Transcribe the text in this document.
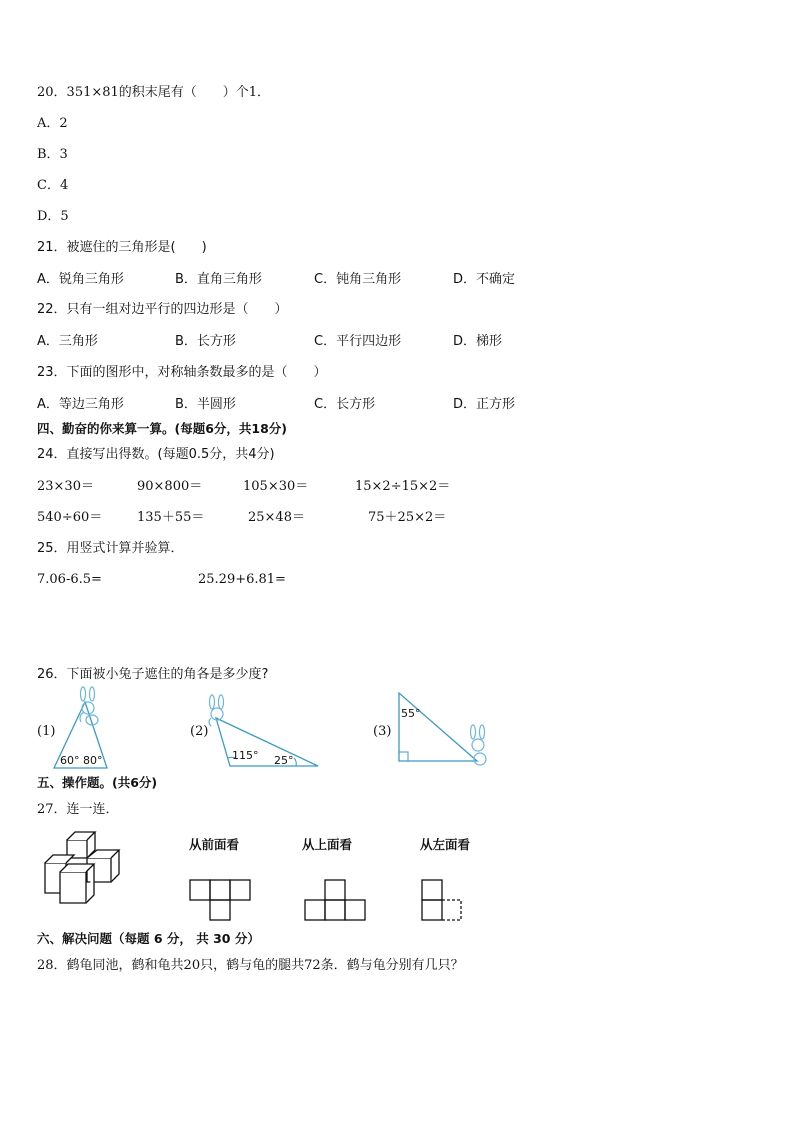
20．351×81的积末尾有（　　）个1．
A．2
B．3
C．4
D．5
21．被遮住的三角形是(　　)
A．锐角三角形	B．直角三角形	C．钝角三角形	D．不确定
22．只有一组对边平行的四边形是（　　）
A．三角形	B．长方形	C．平行四边形	D．梯形
23．下面的图形中，对称轴条数最多的是（　　）
A．等边三角形	B．半圆形	C．长方形	D．正方形
四、勤奋的你来算一算。(每题6分，共18分)
24．直接写出得数。(每题0.5分，共4分)
23×30＝	90×800＝	105×30＝	15×2÷15×2＝
540÷60＝	135＋55＝	25×48＝	75＋25×2＝
25．用竖式计算并验算．
7.06-6.5=	25.29+6.81=
26．下面被小兔子遮住的角各是多少度?
(1)
60° 80°
(2)
115° 25°
(3)
55°
五、操作题。(共6分)
27．连一连．
从前面看	从上面看	从左面看
六、解决问题（每题 6 分， 共 30 分）
28．鹤龟同池，鹤和龟共20只，鹤与龟的腿共72条．鹤与龟分别有几只？
